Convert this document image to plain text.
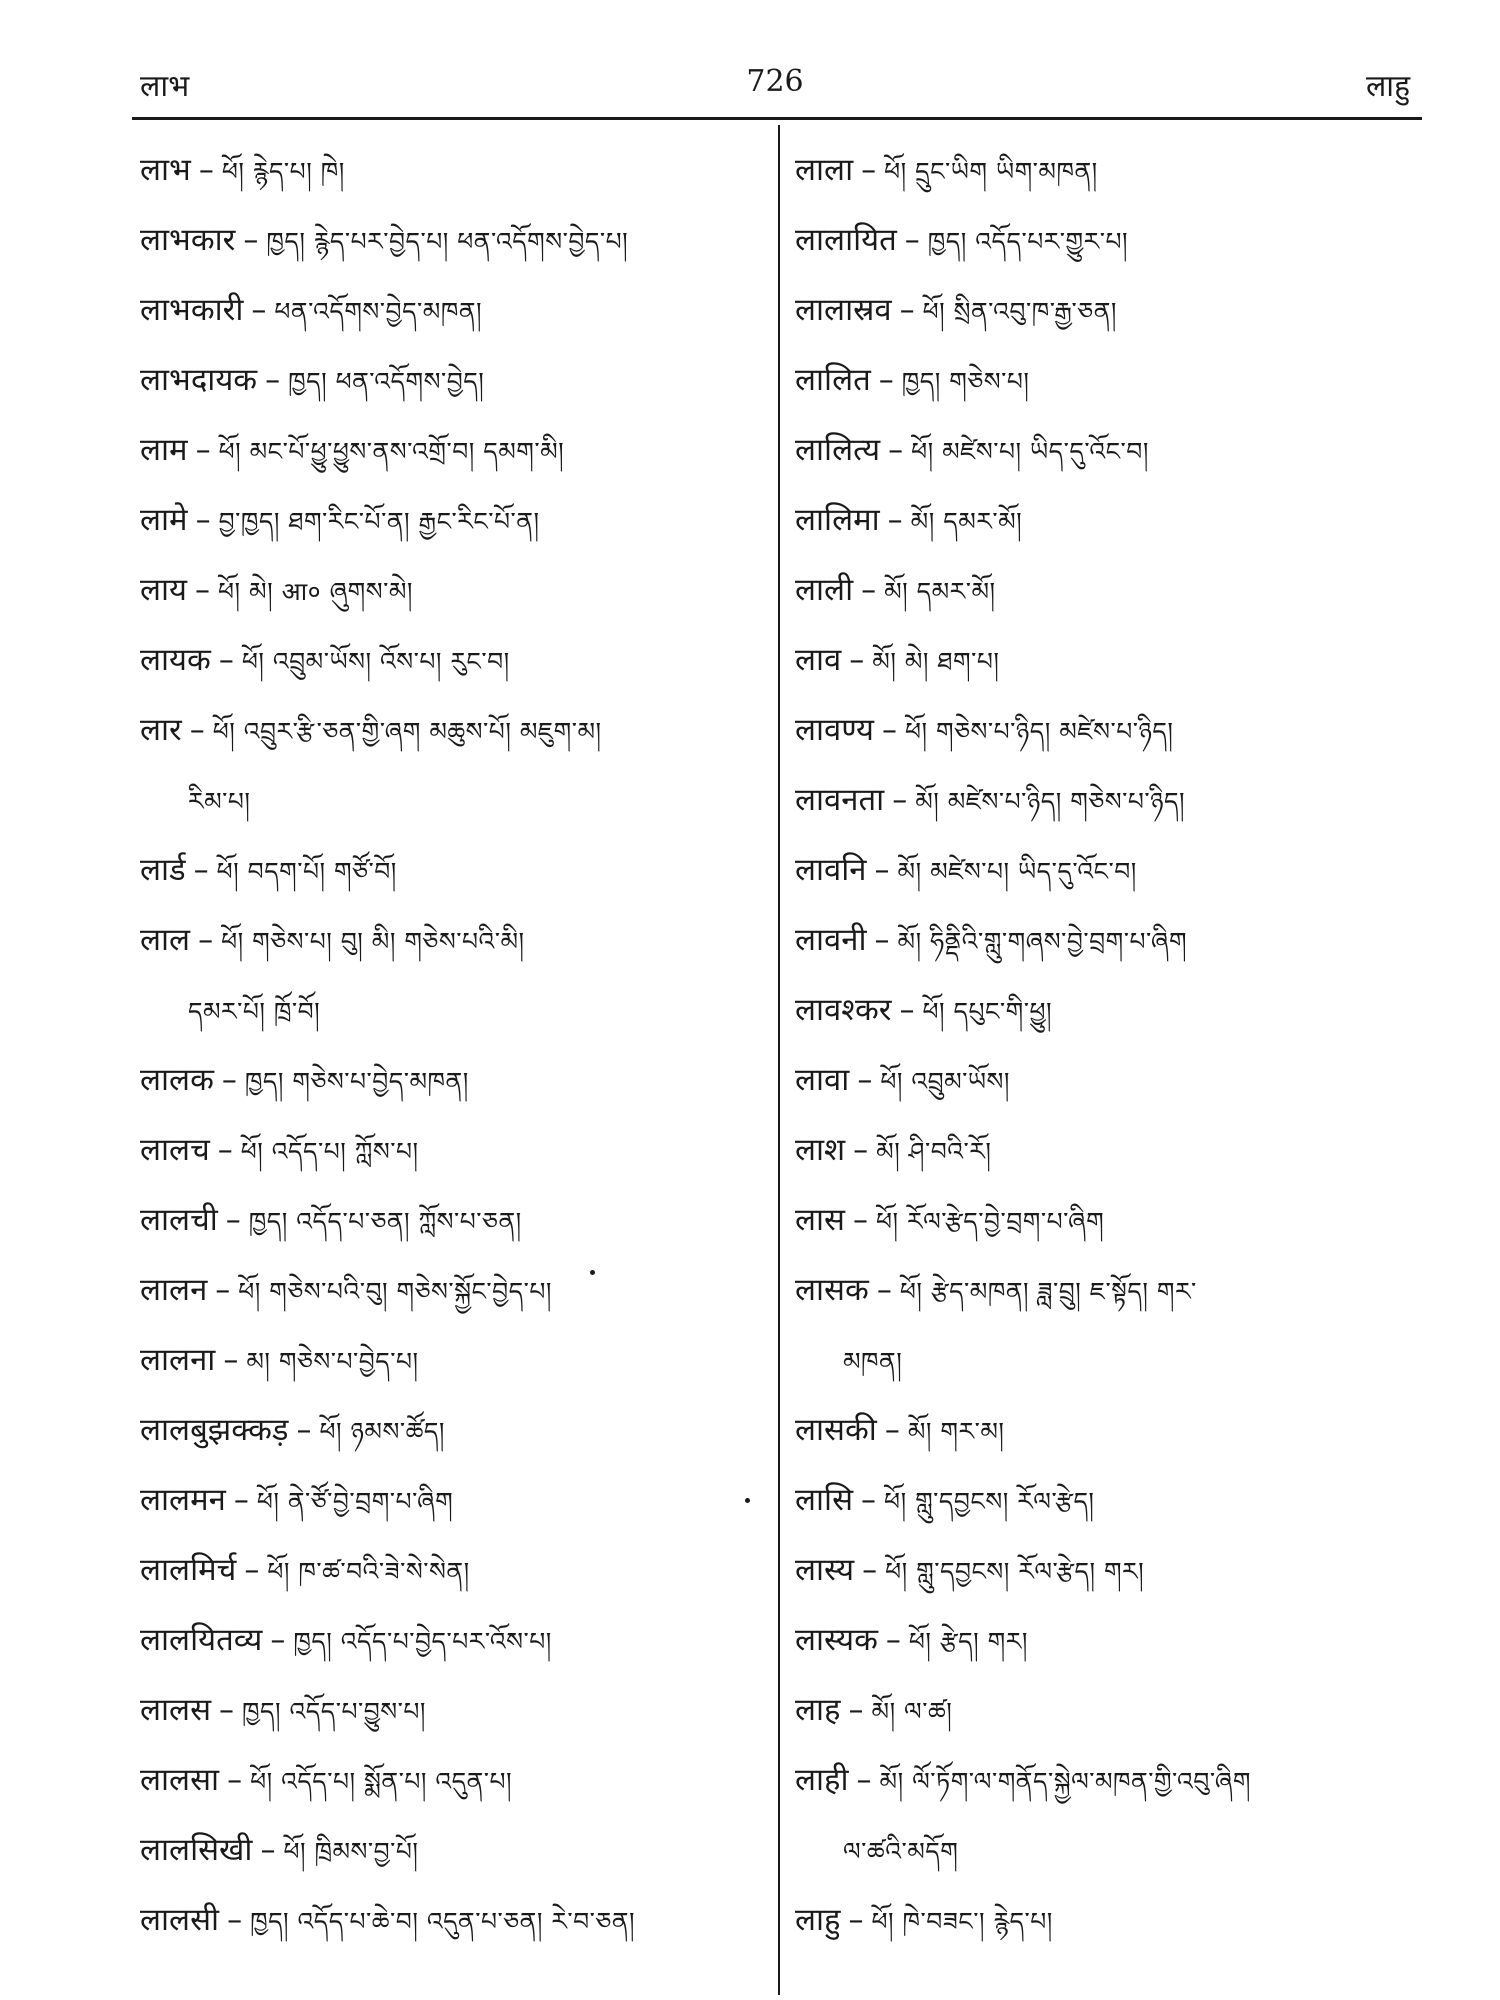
लाभ	726	लाहु
लाभ – ཕོ། རྙེད་པ། ཁེ།
लाभकार – ཁྱད། རྙེད་པར་བྱེད་པ། ཕན་འདོགས་བྱེད་པ།
लाभकारी – ཕན་འདོགས་བྱེད་མཁན།
लाभदायक – ཁྱད། ཕན་འདོགས་བྱེད།
लाम – ཕོ། མང་པོ་ཕྱུ་ཕྱུས་ནས་འགྲོ་བ། དམག་མི།
लामे – བྱ་ཁྱད། ཐག་རིང་པོ་ན། རྒྱང་རིང་པོ་ན།
लाय – ཕོ། མེ། आ० ཞུགས་མེ།
लायक – ཕོ། འབྲུམ་ཡོས། འོས་པ། རུང་བ།
लार – ཕོ། འབྲུར་རྩི་ཅན་གྱི་ཞག མཆུས་པོ། མཇུག་མ།
རིམ་པ།
लार्ड – ཕོ། བདག་པོ། གཙོ་བོ།
लाल – ཕོ། གཅེས་པ། བུ། མི། གཅེས་པའི་མི།
དམར་པོ། ཁྲོ་བོ།
लालक – ཁྱད། གཅེས་པ་བྱེད་མཁན།
लालच – ཕོ། འདོད་པ། ཀློས་པ།
लालची – ཁྱད། འདོད་པ་ཅན། ཀློས་པ་ཅན།
लालन – ཕོ། གཅེས་པའི་བུ། གཅེས་སྐྱོང་བྱེད་པ།
लालना – མ། གཅེས་པ་བྱེད་པ།
लालबुझक्कड़ – ཕོ། ཉམས་ཚོད།
लालमन – ཕོ། ནེ་ཙོ་བྱེ་བྲག་པ་ཞིག
लालमिर्च – ཕོ། ཁ་ཚ་བའི་ཟེ་སེ་སེན།
लालयितव्य – ཁྱད། འདོད་པ་བྱེད་པར་འོས་པ།
लालस – ཁྱད། འདོད་པ་བྱུས་པ།
लालसा – ཕོ། འདོད་པ། སྨོན་པ། འདུན་པ།
लालसिखी – ཕོ། ཁྲིམས་བྱ་པོ།
लालसी – ཁྱད། འདོད་པ་ཆེ་བ། འདུན་པ་ཅན། རེ་བ་ཅན།
लाला – ཕོ། དྲུང་ཡིག ཡིག་མཁན།
लालायित – ཁྱད། འདོད་པར་གྱུར་པ།
लालास्रव – ཕོ། སྲིན་འབུ་ཁ་རྒྱ་ཅན།
लालित – ཁྱད། གཅེས་པ།
लालित्य – ཕོ། མཛེས་པ། ཡིད་དུ་འོང་བ།
लालिमा – མོ། དམར་མོ།
लाली – མོ། དམར་མོ།
लाव – མོ། མེ། ཐག་པ།
लावण्य – ཕོ། གཅེས་པ་ཉིད། མཛེས་པ་ཉིད།
लावनता – མོ། མཛེས་པ་ཉིད། གཅེས་པ་ཉིད།
लावनि – མོ། མཛེས་པ། ཡིད་དུ་འོང་བ།
लावनी – མོ། ཧིནྡིའི་གླུ་གཞས་བྱེ་བྲག་པ་ཞིག
लावश्कर – ཕོ། དཔུང་གི་ཕྱུ།
लावा – ཕོ། འབྲུམ་ཡོས།
लाश – མོ། ཤི་བའི་རོ།
लास – ཕོ། རོལ་རྩེད་བྱེ་བྲག་པ་ཞིག
लासक – ཕོ། རྩེད་མཁན། ཟླ་བྲུ། ཇ་སྟོད། གར་
མཁན།
लासकी – མོ། གར་མ།
लासि – ཕོ། གླུ་དབྱངས། རོལ་རྩེད།
लास्य – ཕོ། གླུ་དབྱངས། རོལ་རྩེད། གར།
लास्यक – ཕོ། རྩེད། གར།
लाह – མོ། ལ་ཚ།
लाही – མོ། ལོ་ཏོག་ལ་གནོད་སྐྱེལ་མཁན་གྱི་འབུ་ཞིག
ལ་ཚའི་མདོག
लाहु – ཕོ། ཁེ་བཟང་། རྙེད་པ།
